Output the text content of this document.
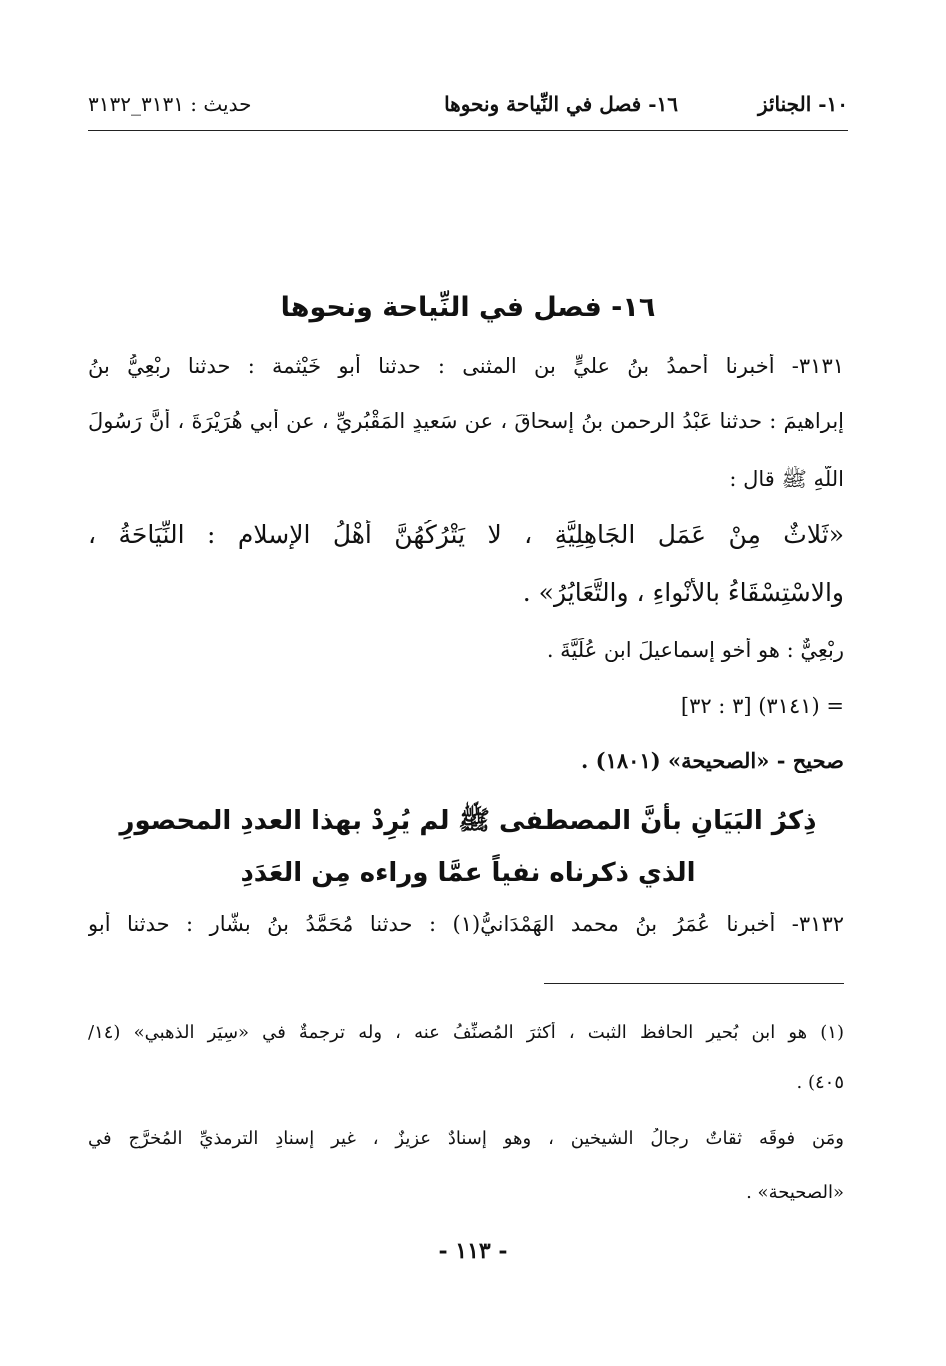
١٠- الجنائز
١٦- فصل في النِّياحة ونحوها
حديث : ٣١٣١_٣١٣٢
١٦- فصل في النِّياحة ونحوها
٣١٣١- أخبرنا أحمدُ بنُ عليٍّ بن المثنى : حدثنا أبو خَيْثمة : حدثنا رِبْعِيُّ بنُ
إبراهيمَ : حدثنا عَبْدُ الرحمن بنُ إسحاقَ ، عن سَعيدٍ المَقْبُرِيِّ ، عن أبي هُرَيْرَةَ ، أنَّ رَسُولَ
اللَّهِ ﷺ قال :
«ثَلاثٌ مِنْ عَمَلِ الجَاهِلِيَّةِ ، لا يَتْرُكُهُنَّ أَهْلُ الإِسلامِ : النِّيَاحَةُ ،
والاسْتِسْقَاءُ بالأَنْواءِ ، والتَّعَايُرُ» .
رِبْعِيٌّ : هو أخو إسماعيلَ ابنِ عُلَيَّةَ .
= (٣١٤١) [٣ : ٣٢]
صحيح - «الصحيحة» (١٨٠١) .
ذِكرُ البَيَانِ بأنَّ المصطفى ﷺ لم يُرِدْ بهذا العددِ المحصورِ
الذي ذكرناه نفياً عمَّا وراءه مِن العَدَدِ
٣١٣٢- أخبرنا عُمَرُ بنُ محمد الهَمْدَانيُّ(١) : حدثنا مُحَمَّدُ بنُ بشَّار : حدثنا أبو
(١) هو ابن بُحيرٍ الحافظ الثبت ، أكثرَ المُصنِّفُ عنه ، وله ترجمةٌ في «سِيَرِ الذهبي» (١٤/
٤٠٥) .
ومَن فوقَه ثقاتٌ رجالُ الشيخين ، وهو إسنادٌ عزيزٌ ، غير إسنادِ الترمذيِّ المُخرَّجِ في
«الصحيحة» .
- ١١٣ -
